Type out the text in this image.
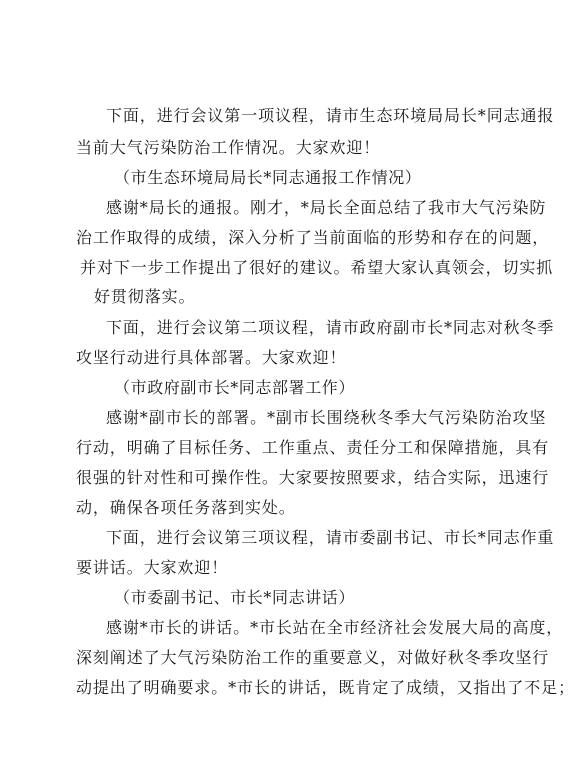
下面，进行会议第一项议程，请市生态环境局局长*同志通报
当前大气污染防治工作情况。大家欢迎！
（市生态环境局局长*同志通报工作情况）
感谢*局长的通报。刚才，*局长全面总结了我市大气污染防
治工作取得的成绩，深入分析了当前面临的形势和存在的问题，
并对下一步工作提出了很好的建议。希望大家认真领会，切实抓
好贯彻落实。
下面，进行会议第二项议程，请市政府副市长*同志对秋冬季
攻坚行动进行具体部署。大家欢迎！
（市政府副市长*同志部署工作）
感谢*副市长的部署。*副市长围绕秋冬季大气污染防治攻坚
行动，明确了目标任务、工作重点、责任分工和保障措施，具有
很强的针对性和可操作性。大家要按照要求，结合实际，迅速行
动，确保各项任务落到实处。
下面，进行会议第三项议程，请市委副书记、市长*同志作重
要讲话。大家欢迎！
（市委副书记、市长*同志讲话）
感谢*市长的讲话。*市长站在全市经济社会发展大局的高度，
深刻阐述了大气污染防治工作的重要意义，对做好秋冬季攻坚行
动提出了明确要求。*市长的讲话，既肯定了成绩，又指出了不足；
